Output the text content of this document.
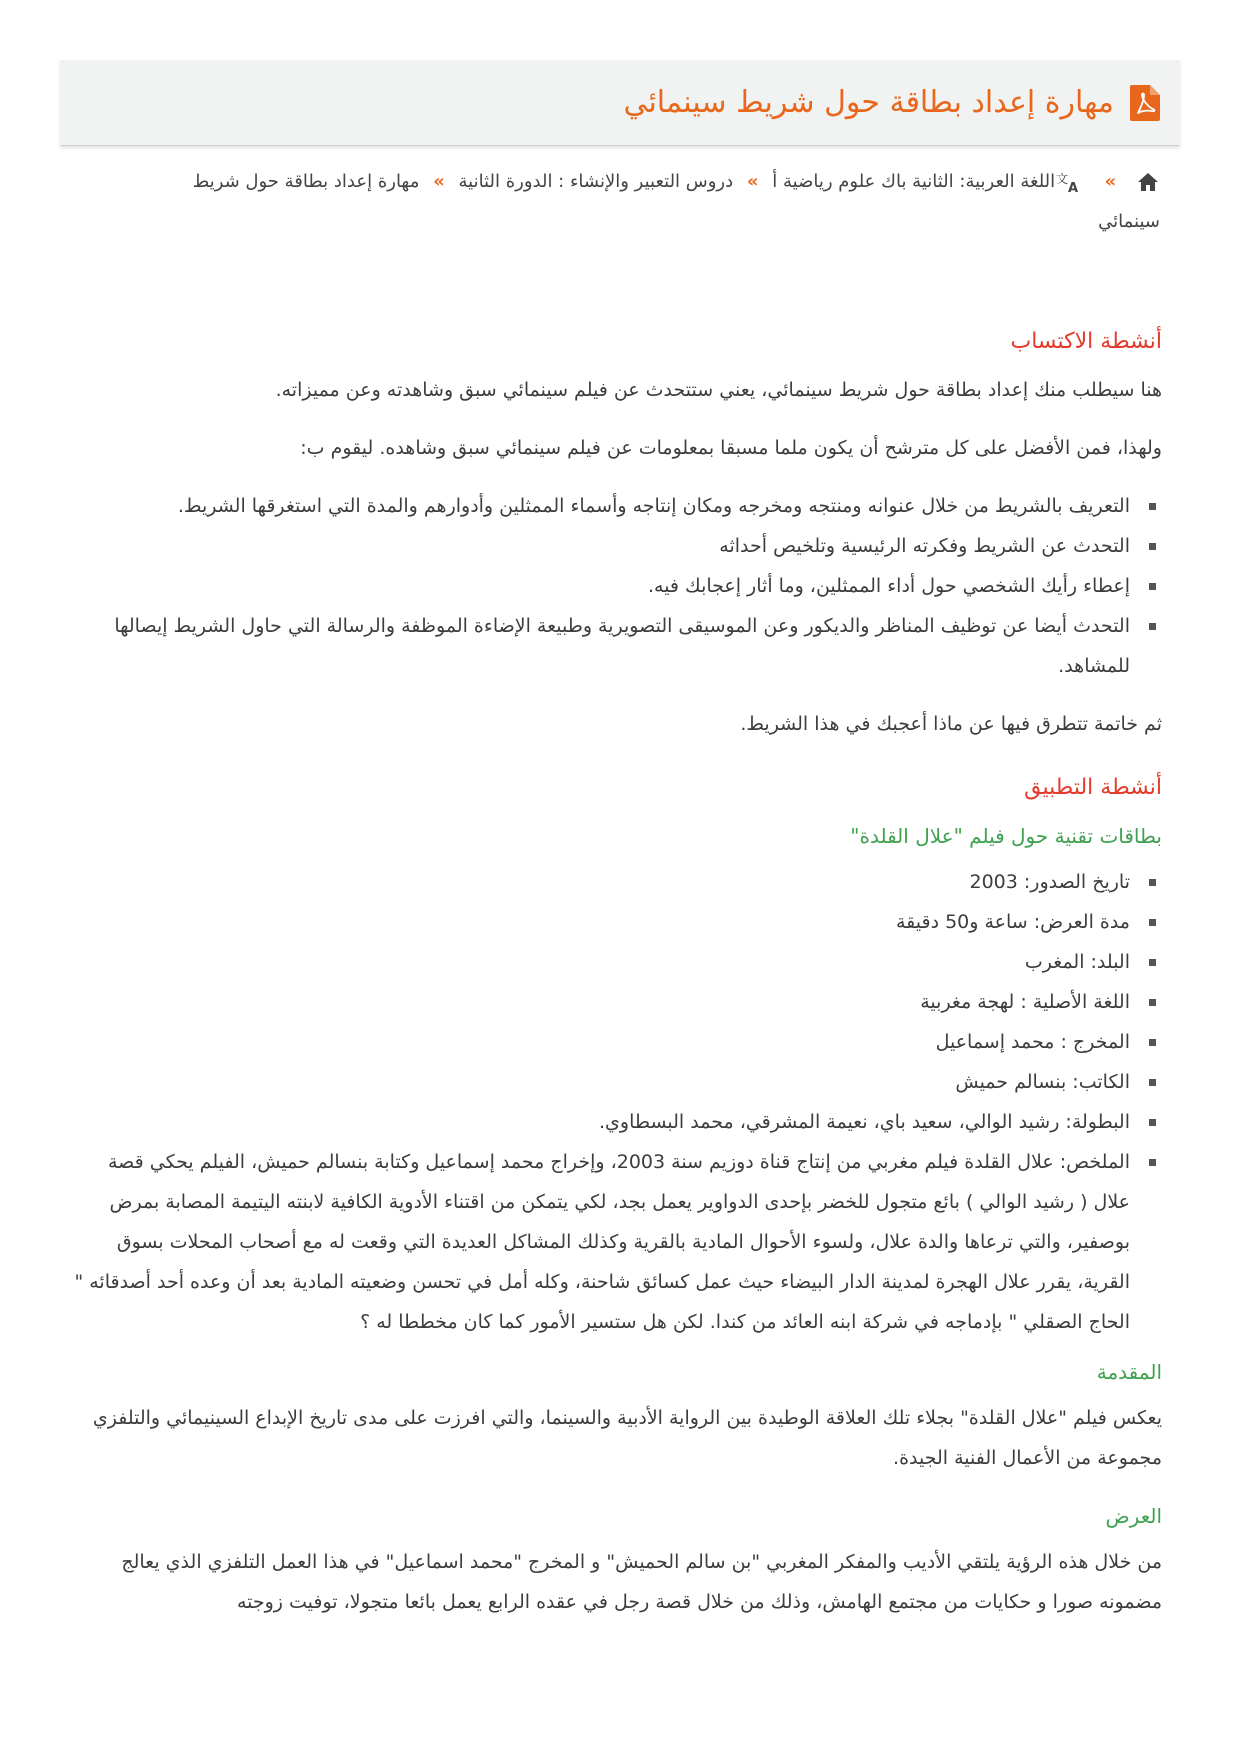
مهارة إعداد بطاقة حول شريط سينمائي
»
文
A
اللغة العربية: الثانية باك علوم رياضية أ » دروس التعبير والإنشاء : الدورة الثانية » مهارة إعداد بطاقة حول شريط سينمائي
أنشطة الاكتساب

هنا سيطلب منك إعداد بطاقة حول شريط سينمائي، يعني ستتحدث عن فيلم سينمائي سبق وشاهدته وعن مميزاته.

ولهذا، فمن الأفضل على كل مترشح أن يكون ملما مسبقا بمعلومات عن فيلم سينمائي سبق وشاهده. ليقوم ب:

التعريف بالشريط من خلال عنوانه ومنتجه ومخرجه ومكان إنتاجه وأسماء الممثلين وأدوارهم والمدة التي استغرقها الشريط.
التحدث عن الشريط وفكرته الرئيسية وتلخيص أحداثه
إعطاء رأيك الشخصي حول أداء الممثلين، وما أثار إعجابك فيه.
التحدث أيضا عن توظيف المناظر والديكور وعن الموسيقى التصويرية وطبيعة الإضاءة الموظفة والرسالة التي حاول الشريط إيصالها للمشاهد.

ثم خاتمة تتطرق فيها عن ماذا أعجبك في هذا الشريط.

أنشطة التطبيق
بطاقات تقنية حول فيلم "علال القلدة"
تاريخ الصدور: 2003
مدة العرض: ساعة و50 دقيقة
البلد: المغرب
اللغة الأصلية : لهجة مغربية
المخرج : محمد إسماعيل
الكاتب: بنسالم حميش
البطولة: رشيد الوالي، سعيد باي، نعيمة المشرقي، محمد البسطاوي.
الملخص: علال القلدة فيلم مغربي من إنتاج قناة دوزيم سنة 2003، وإخراج محمد إسماعيل وكتابة بنسالم حميش، الفيلم يحكي قصة علال ( رشيد الوالي ) بائع متجول للخضر بإحدى الدواوير يعمل بجد، لكي يتمكن من اقتناء الأدوية الكافية لابنته اليتيمة المصابة بمرض بوصفير، والتي ترعاها والدة علال، ولسوء الأحوال المادية بالقرية وكذلك المشاكل العديدة التي وقعت له مع أصحاب المحلات بسوق القرية، يقرر علال الهجرة لمدينة الدار البيضاء حيث عمل كسائق شاحنة، وكله أمل في تحسن وضعيته المادية بعد أن وعده أحد أصدقائه " الحاج الصقلي " بإدماجه في شركة ابنه العائد من كندا. لكن هل ستسير الأمور كما كان مخططا له ؟
المقدمة

يعكس فيلم "علال القلدة" بجلاء تلك العلاقة الوطيدة بين الرواية الأدبية والسينما، والتي افرزت على مدى تاريخ الإبداع السينيمائي والتلفزي مجموعة من الأعمال الفنية الجيدة.

العرض

من خلال هذه الرؤية يلتقي الأديب والمفكر المغربي "بن سالم الحميش" و المخرج "محمد اسماعيل" في هذا العمل التلفزي الذي يعالج مضمونه صورا و حكايات من مجتمع الهامش، وذلك من خلال قصة رجل في عقده الرابع يعمل بائعا متجولا، توفيت زوجته
